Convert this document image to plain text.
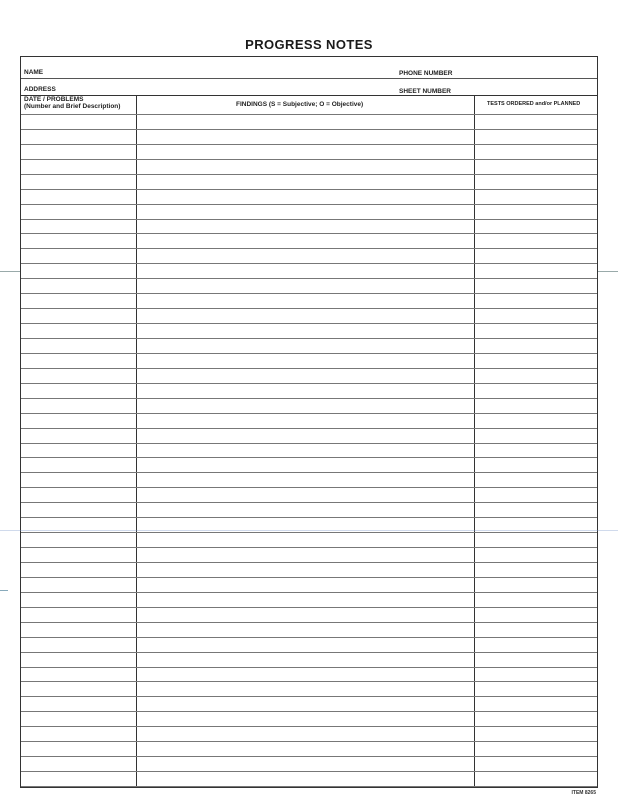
PROGRESS NOTES
NAME	PHONE NUMBER
ADDRESS	SHEET NUMBER
DATE / PROBLEMS
(Number and Brief Description)	FINDINGS (S = Subjective; O = Objective)	TESTS ORDERED and/or PLANNED
ITEM 8265
